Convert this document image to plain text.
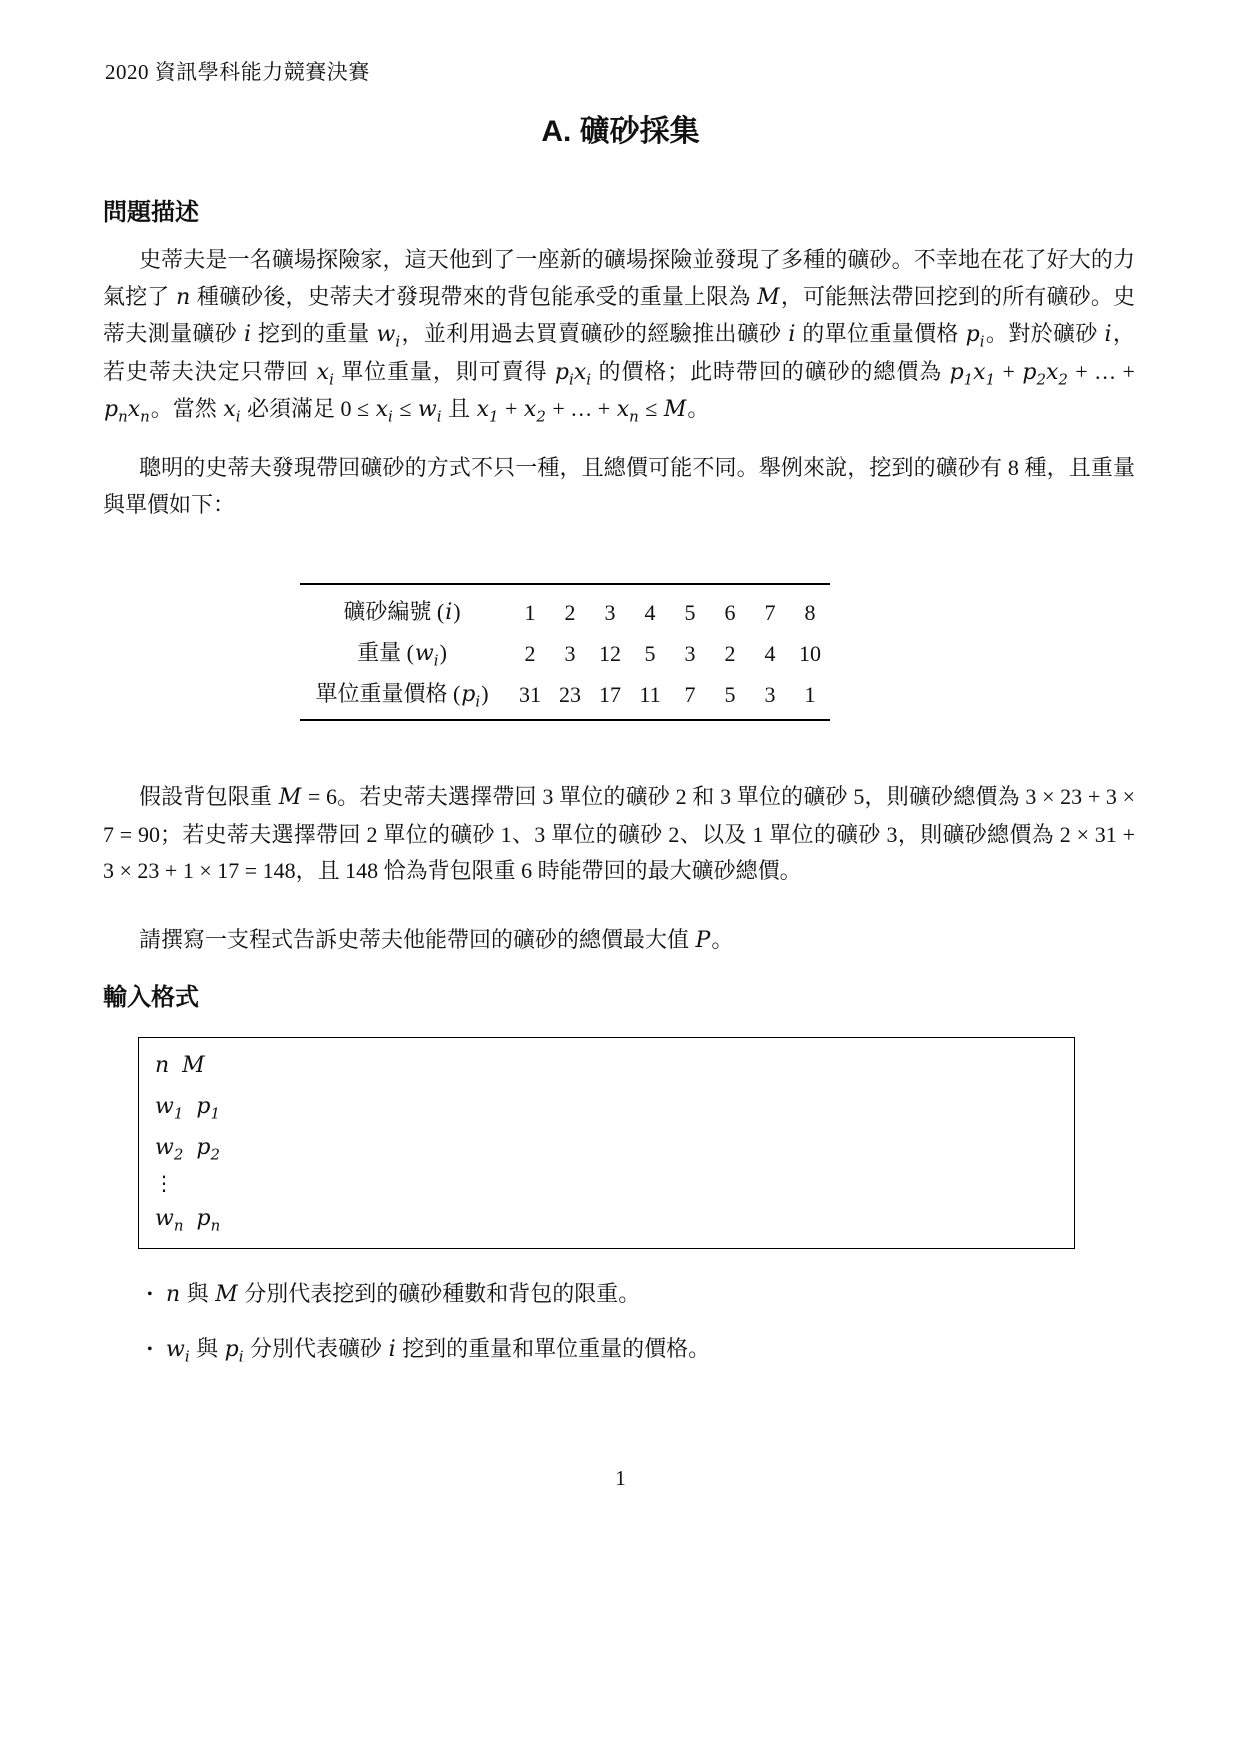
2020 資訊學科能力競賽決賽
A. 礦砂採集
問題描述
史蒂夫是一名礦場探險家，這天他到了一座新的礦場探險並發現了多種的礦砂。不幸地在花了好大的力氣挖了 n 種礦砂後，史蒂夫才發現帶來的背包能承受的重量上限為 M，可能無法帶回挖到的所有礦砂。史蒂夫測量礦砂 i 挖到的重量 $w_i$，並利用過去買賣礦砂的經驗推出礦砂 i 的單位重量價格 $p_i$。對於礦砂 i，若史蒂夫決定只帶回 $x_i$ 單位重量，則可賣得 $p_ix_i$ 的價格；此時帶回的礦砂的總價為 $p_1x_1 + p_2x_2$ + … + $p_nx_n$。當然 $x_i$ 必須滿足 $0 \le x_i \le w_i$ 且 $x_1 + x_2$ + … + $x_n \le M$。
聰明的史蒂夫發現帶回礦砂的方式不只一種，且總價可能不同。舉例來說，挖到的礦砂有 8 種，且重量與單價如下：
礦砂編號 (i)	1	2	3	4	5	6	7	8
重量 $(w_i)$	2	3	12	5	3	2	4	10
單位重量價格 $(p_i)$	31	23	17	11	7	5	3	1
假設背包限重 M = 6。若史蒂夫選擇帶回 3 單位的礦砂 2 和 3 單位的礦砂 5，則礦砂總價為 3 × 23 + 3 × 7 = 90；若史蒂夫選擇帶回 2 單位的礦砂 1、3 單位的礦砂 2、以及 1 單位的礦砂 3，則礦砂總價為 2 × 31 + 3 × 23 + 1 × 17 = 148，且 148 恰為背包限重 6 時能帶回的最大礦砂總價。
請撰寫一支程式告訴史蒂夫他能帶回的礦砂的總價最大值 P。
輸入格式
n M
$w_1$ $p_1$
$w_2$ $p_2$
⋮
$w_n$ $p_n$
• n 與 M 分別代表挖到的礦砂種數和背包的限重。
• $w_i$ 與 $p_i$ 分別代表礦砂 i 挖到的重量和單位重量的價格。
1
